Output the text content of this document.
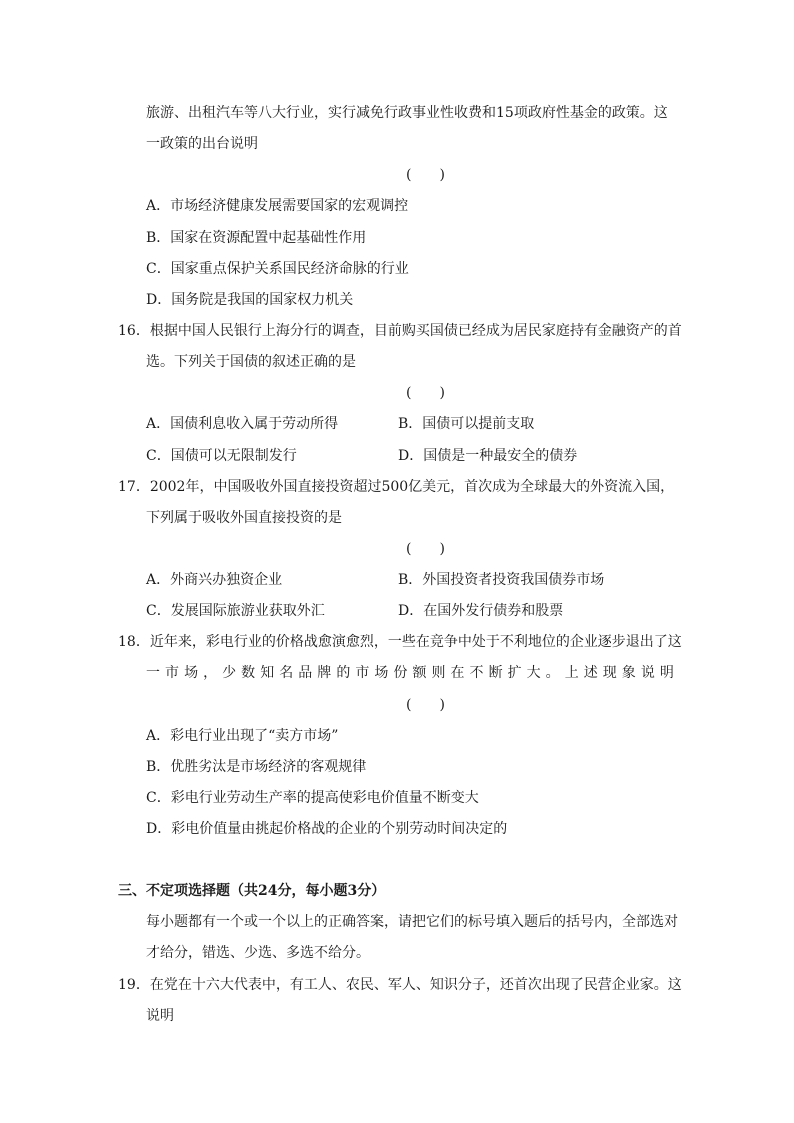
旅游、出租汽车等八大行业，实行减免行政事业性收费和15项政府性基金的政策。这
一政策的出台说明
(　　)
A．市场经济健康发展需要国家的宏观调控
B．国家在资源配置中起基础性作用
C．国家重点保护关系国民经济命脉的行业
D．国务院是我国的国家权力机关
16．根据中国人民银行上海分行的调查，目前购买国债已经成为居民家庭持有金融资产的首
选。下列关于国债的叙述正确的是
(　　)
A．国债利息收入属于劳动所得	B．国债可以提前支取
C．国债可以无限制发行	D．国债是一种最安全的债券
17．2002年，中国吸收外国直接投资超过500亿美元，首次成为全球最大的外资流入国，
下列属于吸收外国直接投资的是
(　　)
A．外商兴办独资企业	B．外国投资者投资我国债券市场
C．发展国际旅游业获取外汇	D．在国外发行债券和股票
18．近年来，彩电行业的价格战愈演愈烈，一些在竞争中处于不利地位的企业逐步退出了这
一 市 场 ， 少 数 知 名 品 牌 的 市 场 份 额 则 在 不 断 扩 大 。 上 述 现 象 说 明
(　　)
A．彩电行业出现了“卖方市场”
B．优胜劣汰是市场经济的客观规律
C．彩电行业劳动生产率的提高使彩电价值量不断变大
D．彩电价值量由挑起价格战的企业的个别劳动时间决定的
三、不定项选择题（共24分，每小题3分）
每小题都有一个或一个以上的正确答案，请把它们的标号填入题后的括号内，全部选对
才给分，错选、少选、多选不给分。
19．在党在十六大代表中，有工人、农民、军人、知识分子，还首次出现了民营企业家。这
说明
